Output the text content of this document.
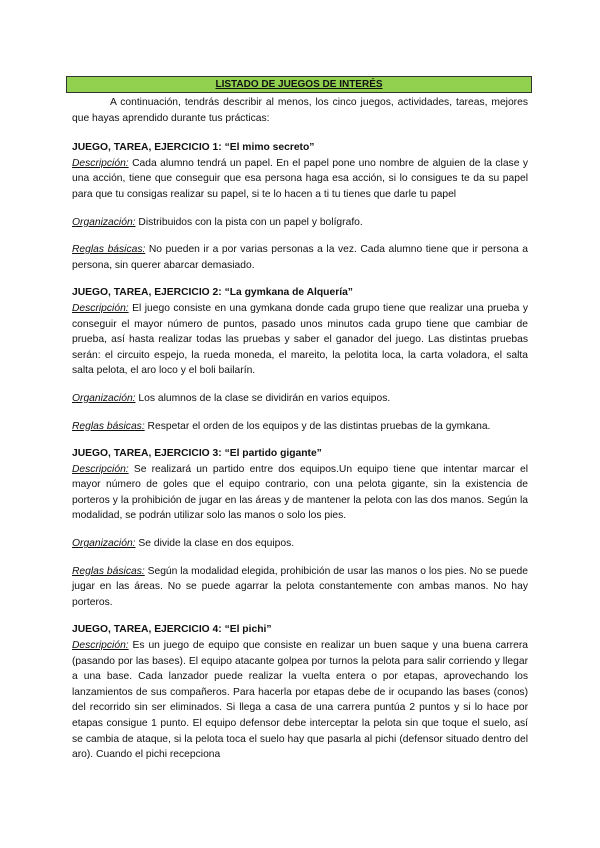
LISTADO DE JUEGOS DE INTERÉS

A continuación, tendrás describir al menos, los cinco juegos, actividades, tareas, mejores que hayas aprendido durante tus prácticas:

JUEGO, TAREA, EJERCICIO 1: “El mimo secreto”

Descripción: Cada alumno tendrá un papel. En el papel pone uno nombre de alguien de la clase y una acción, tiene que conseguir que esa persona haga esa acción, si lo consigues te da su papel para que tu consigas realizar su papel, si te lo hacen a ti tu tienes que darle tu papel

Organización: Distribuidos con la pista con un papel y bolígrafo.

Reglas básicas: No pueden ir a por varias personas a la vez. Cada alumno tiene que ir persona a persona, sin querer abarcar demasiado.

JUEGO, TAREA, EJERCICIO 2: “La gymkana de Alquería”

Descripción: El juego consiste en una gymkana donde cada grupo tiene que realizar una prueba y conseguir el mayor número de puntos, pasado unos minutos cada grupo tiene que cambiar de prueba, así hasta realizar todas las pruebas y saber el ganador del juego. Las distintas pruebas serán: el circuito espejo, la rueda moneda, el mareito, la pelotita loca, la carta voladora, el salta salta pelota, el aro loco y el boli bailarín.

Organización: Los alumnos de la clase se dividirán en varios equipos.

Reglas básicas: Respetar el orden de los equipos y de las distintas pruebas de la gymkana.

JUEGO, TAREA, EJERCICIO 3: “El partido gigante”

Descripción: Se realizará un partido entre dos equipos.Un equipo tiene que intentar marcar el mayor número de goles que el equipo contrario, con una pelota gigante, sin la existencia de porteros y la prohibición de jugar en las áreas y de mantener la pelota con las dos manos. Según la modalidad, se podrán utilizar solo las manos o solo los pies.

Organización: Se divide la clase en dos equipos.

Reglas básicas: Según la modalidad elegida, prohibición de usar las manos o los pies. No se puede jugar en las áreas. No se puede agarrar la pelota constantemente con ambas manos. No hay porteros.

JUEGO, TAREA, EJERCICIO 4: “El pichi”

Descripción: Es un juego de equipo que consiste en realizar un buen saque y una buena carrera (pasando por las bases). El equipo atacante golpea por turnos la pelota para salir corriendo y llegar a una base. Cada lanzador puede realizar la vuelta entera o por etapas, aprovechando los lanzamientos de sus compañeros. Para hacerla por etapas debe de ir ocupando las bases (conos) del recorrido sin ser eliminados. Si llega a casa de una carrera puntúa 2 puntos y si lo hace por etapas consigue 1 punto. El equipo defensor debe interceptar la pelota sin que toque el suelo, así se cambia de ataque, si la pelota toca el suelo hay que pasarla al pichi (defensor situado dentro del aro). Cuando el pichi recepciona
